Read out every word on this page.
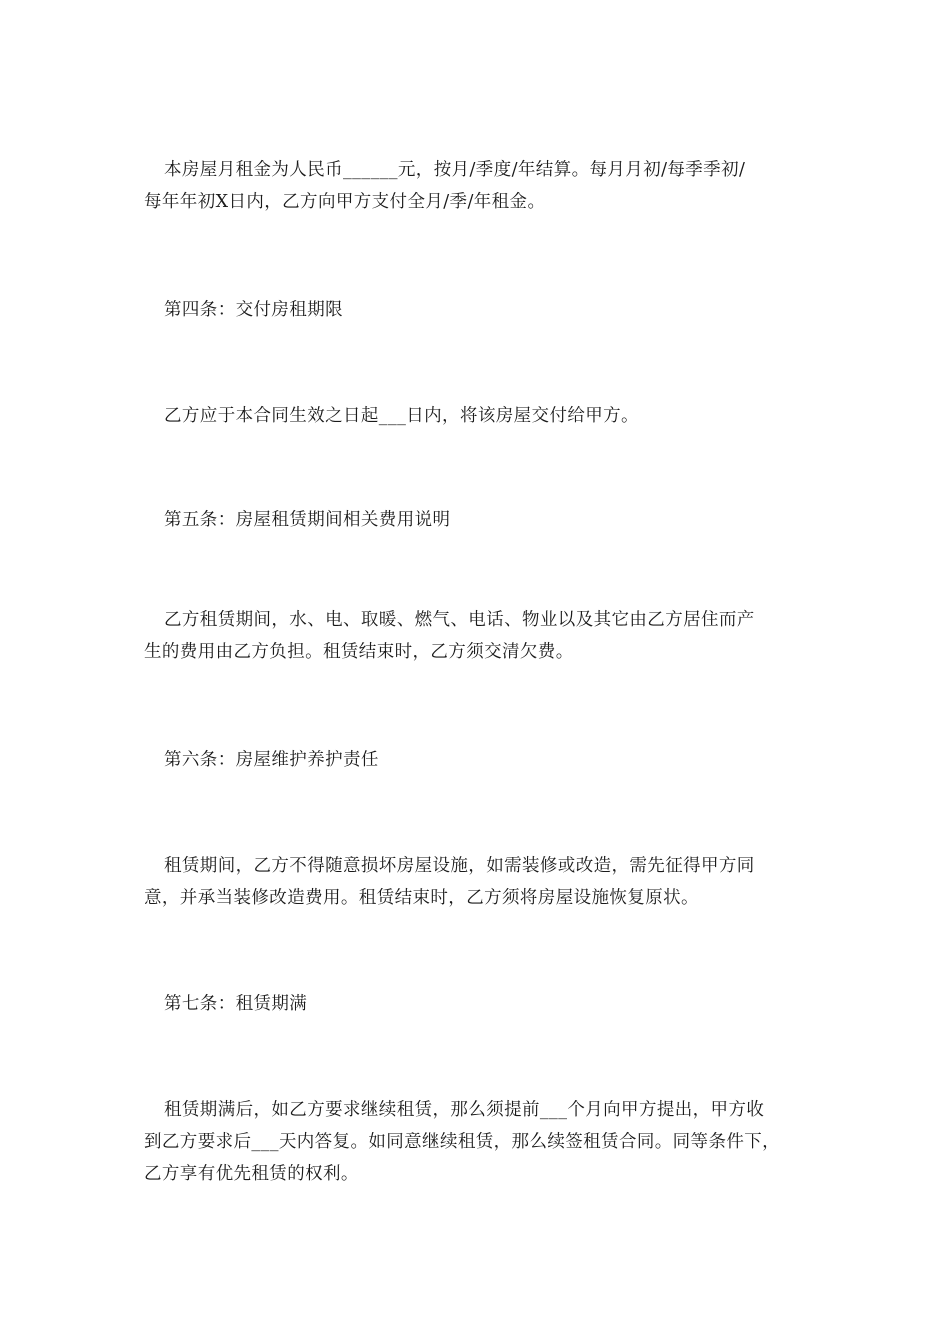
本房屋月租金为人民币______元，按月/季度/年结算。每月月初/每季季初/
每年年初X日内，乙方向甲方支付全月/季/年租金。
第四条：交付房租期限
乙方应于本合同生效之日起___日内，将该房屋交付给甲方。
第五条：房屋租赁期间相关费用说明
乙方租赁期间，水、电、取暖、燃气、电话、物业以及其它由乙方居住而产
生的费用由乙方负担。租赁结束时，乙方须交清欠费。
第六条：房屋维护养护责任
租赁期间，乙方不得随意损坏房屋设施，如需装修或改造，需先征得甲方同
意，并承当装修改造费用。租赁结束时，乙方须将房屋设施恢复原状。
第七条：租赁期满
租赁期满后，如乙方要求继续租赁，那么须提前___个月向甲方提出，甲方收
到乙方要求后___天内答复。如同意继续租赁，那么续签租赁合同。同等条件下，
乙方享有优先租赁的权利。
